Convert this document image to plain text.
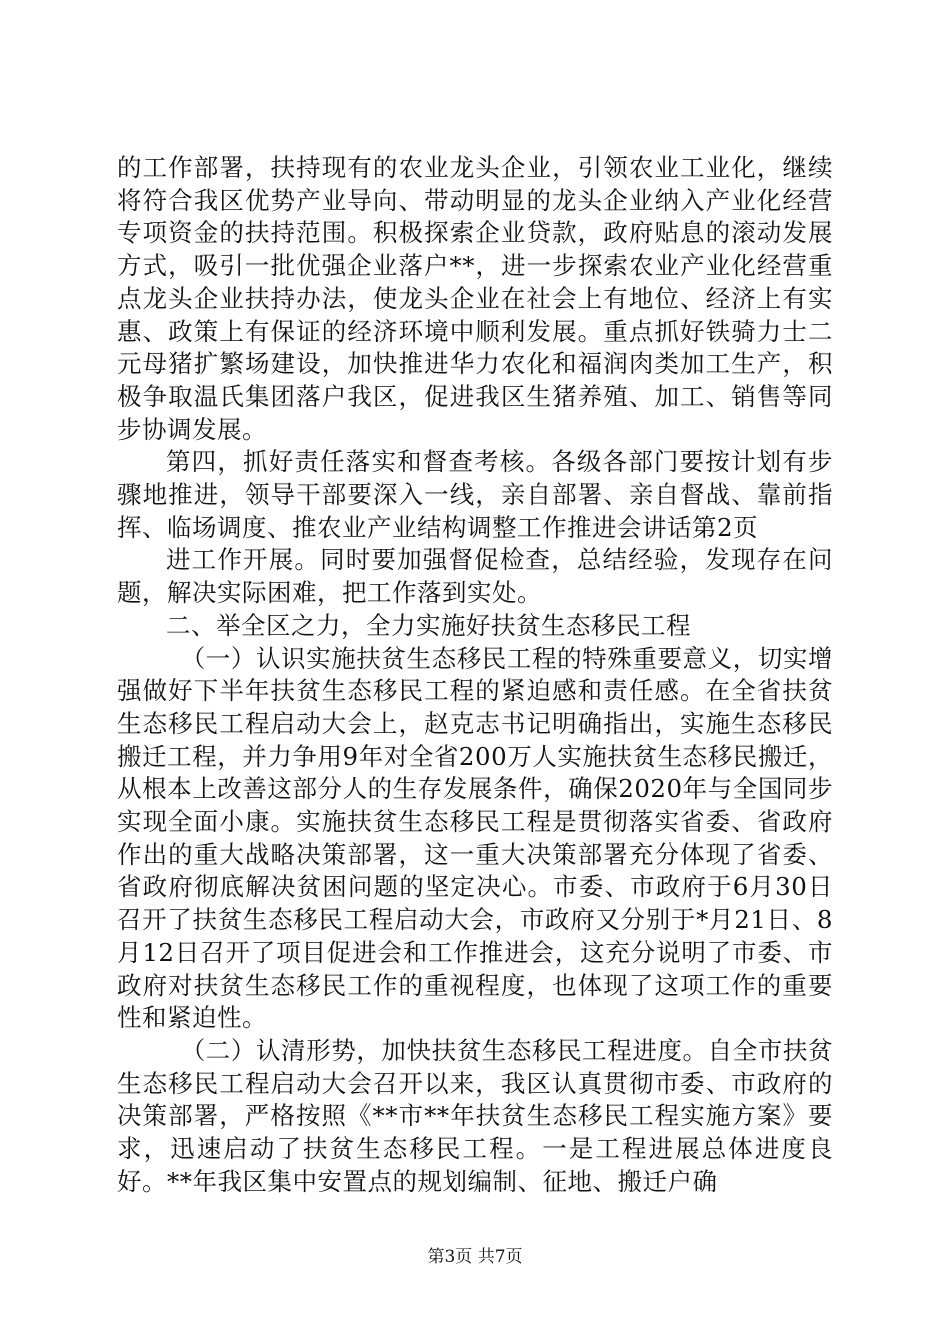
的工作部署，扶持现有的农业龙头企业，引领农业工业化，继续将符合我区优势产业导向、带动明显的龙头企业纳入产业化经营专项资金的扶持范围。积极探索企业贷款，政府贴息的滚动发展方式，吸引一批优强企业落户**，进一步探索农业产业化经营重点龙头企业扶持办法，使龙头企业在社会上有地位、经济上有实惠、政策上有保证的经济环境中顺利发展。重点抓好铁骑力士二元母猪扩繁场建设，加快推进华力农化和福润肉类加工生产，积极争取温氏集团落户我区，促进我区生猪养殖、加工、销售等同步协调发展。

第四，抓好责任落实和督查考核。各级各部门要按计划有步骤地推进，领导干部要深入一线，亲自部署、亲自督战、靠前指挥、临场调度、推农业产业结构调整工作推进会讲话第2页

进工作开展。同时要加强督促检查，总结经验，发现存在问题，解决实际困难，把工作落到实处。

二、举全区之力，全力实施好扶贫生态移民工程

（一）认识实施扶贫生态移民工程的特殊重要意义，切实增强做好下半年扶贫生态移民工程的紧迫感和责任感。在全省扶贫生态移民工程启动大会上，赵克志书记明确指出，实施生态移民搬迁工程，并力争用9年对全省200万人实施扶贫生态移民搬迁，从根本上改善这部分人的生存发展条件，确保2020年与全国同步实现全面小康。实施扶贫生态移民工程是贯彻落实省委、省政府作出的重大战略决策部署，这一重大决策部署充分体现了省委、省政府彻底解决贫困问题的坚定决心。市委、市政府于6月30日召开了扶贫生态移民工程启动大会，市政府又分别于*月21日、8月12日召开了项目促进会和工作推进会，这充分说明了市委、市政府对扶贫生态移民工作的重视程度，也体现了这项工作的重要性和紧迫性。

（二）认清形势，加快扶贫生态移民工程进度。自全市扶贫生态移民工程启动大会召开以来，我区认真贯彻市委、市政府的决策部署，严格按照《**市**年扶贫生态移民工程实施方案》要求，迅速启动了扶贫生态移民工程。一是工程进展总体进度良好。**年我区集中安置点的规划编制、征地、搬迁户确

第3页 共7页
